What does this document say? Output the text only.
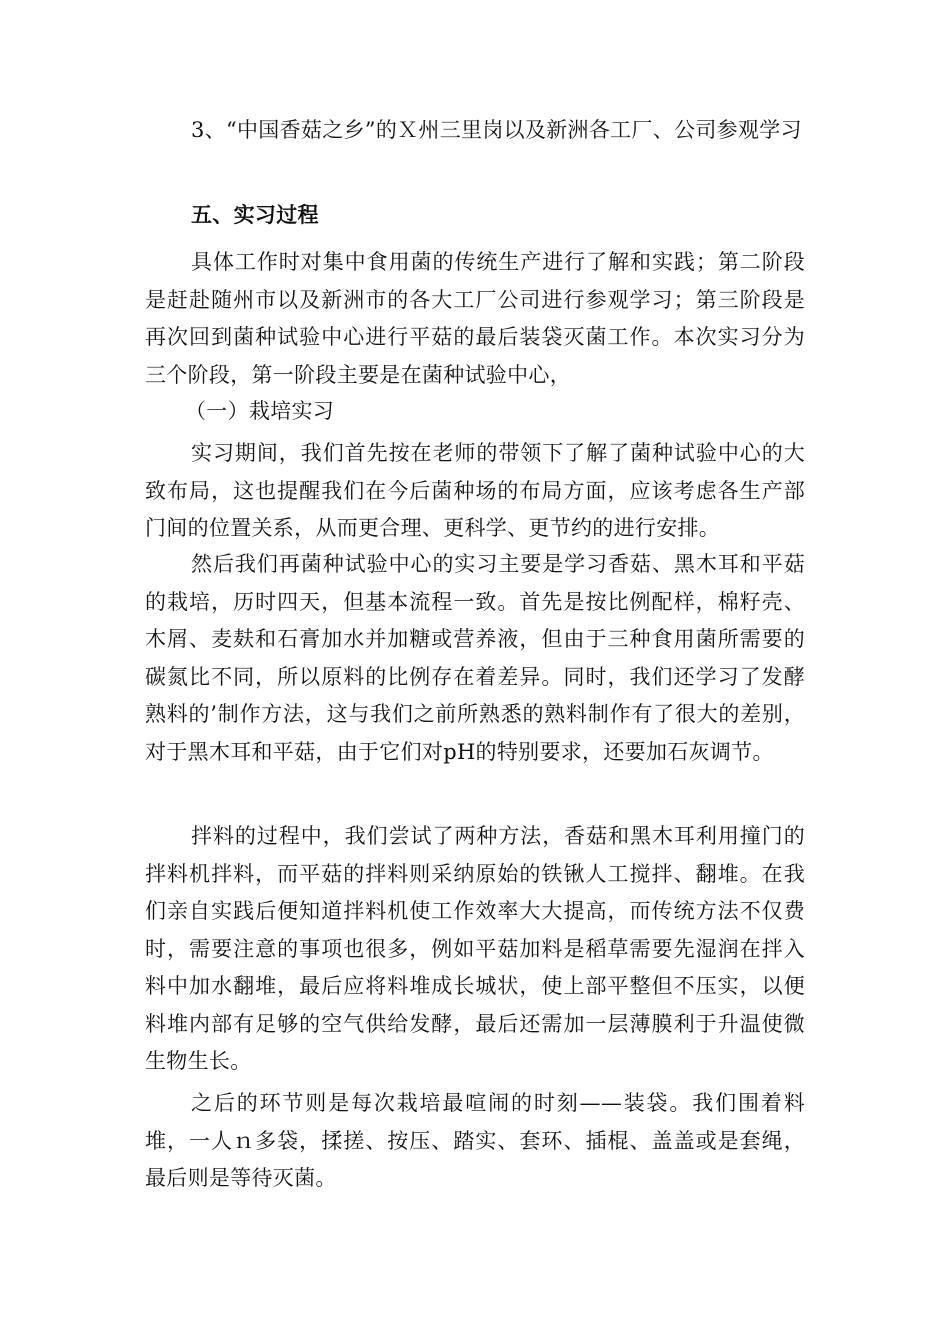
3、“中国香菇之乡”的Ｘ州三里岗以及新洲各工厂、公司参观学习

五、实习过程

具体工作时对集中食用菌的传统生产进行了解和实践；第二阶段是赶赴随州市以及新洲市的各大工厂公司进行参观学习；第三阶段是再次回到菌种试验中心进行平菇的最后装袋灭菌工作。本次实习分为三个阶段，第一阶段主要是在菌种试验中心，

（一）栽培实习

实习期间，我们首先按在老师的带领下了解了菌种试验中心的大致布局，这也提醒我们在今后菌种场的布局方面，应该考虑各生产部门间的位置关系，从而更合理、更科学、更节约的进行安排。

然后我们再菌种试验中心的实习主要是学习香菇、黑木耳和平菇的栽培，历时四天，但基本流程一致。首先是按比例配样，棉籽壳、木屑、麦麸和石膏加水并加糖或营养液，但由于三种食用菌所需要的碳氮比不同，所以原料的比例存在着差异。同时，我们还学习了发酵熟料的’制作方法，这与我们之前所熟悉的熟料制作有了很大的差别，对于黑木耳和平菇，由于它们对pH的特别要求，还要加石灰调节。

拌料的过程中，我们尝试了两种方法，香菇和黑木耳利用撞门的拌料机拌料，而平菇的拌料则采纳原始的铁锹人工搅拌、翻堆。在我们亲自实践后便知道拌料机使工作效率大大提高，而传统方法不仅费时，需要注意的事项也很多，例如平菇加料是稻草需要先湿润在拌入料中加水翻堆，最后应将料堆成长城状，使上部平整但不压实，以便料堆内部有足够的空气供给发酵，最后还需加一层薄膜利于升温使微生物生长。

之后的环节则是每次栽培最喧闹的时刻——装袋。我们围着料堆，一人ｎ多袋，揉搓、按压、踏实、套环、插棍、盖盖或是套绳，最后则是等待灭菌。
